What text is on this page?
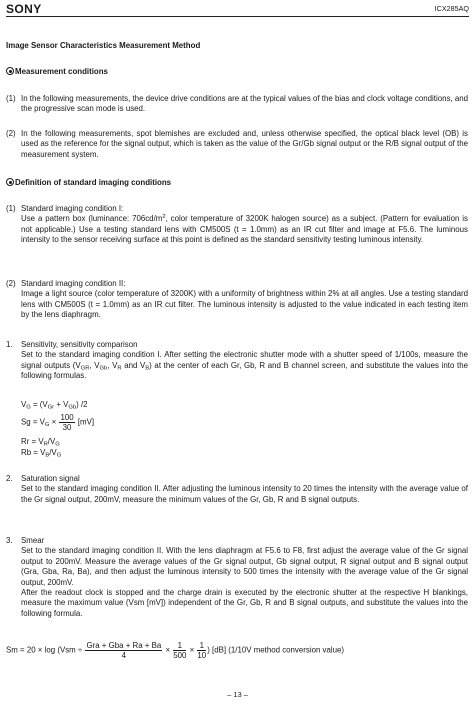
SONY	ICX285AQ

Image Sensor Characteristics Measurement Method

Measurement conditions

(1) In the following measurements, the device drive conditions are at the typical values of the bias and clock voltage conditions, and the progressive scan mode is used.
(2) In the following measurements, spot blemishes are excluded and, unless otherwise specified, the optical black level (OB) is used as the reference for the signal output, which is taken as the value of the Gr/Gb signal output or the R/B signal output of the measurement system.

Definition of standard imaging conditions

(1) Standard imaging condition I:
Use a pattern box (luminance: $706cd/m^2$, color temperature of 3200K halogen source) as a subject. (Pattern for evaluation is not applicable.) Use a testing standard lens with CM500S (t = 1.0mm) as an IR cut filter and image at F5.6. The luminous intensity to the sensor receiving surface at this point is defined as the standard sensitivity testing luminous intensity.
(2) Standard imaging condition II:
Image a light source (color temperature of 3200K) with a uniformity of brightness within 2% at all angles. Use a testing standard lens with CM500S (t = 1.0mm) as an IR cut filter. The luminous intensity is adjusted to the value indicated in each testing item by the lens diaphragm.
1. Sensitivity, sensitivity comparison
Set to the standard imaging condition I. After setting the electronic shutter mode with a shutter speed of 1/100s, measure the signal outputs ($V_{GR}$, $V_{Gb}$, $V_R$ and $V_B$) at the center of each Gr, Gb, R and B channel screen, and substitute the values into the following formulas.

$V_G = (V_{Gr} + V_{Gb})$ /2

$Sg = V_G \times \frac{100}{30} [mV]$

$Rr = V_R/V_G$

$Rb = V_B/V_G$

2. Saturation signal
Set to the standard imaging condition II. After adjusting the luminous intensity to 20 times the intensity with the average value of the Gr signal output, 200mV, measure the minimum values of the Gr, Gb, R and B signal outputs.
3. Smear
Set to the standard imaging condition II. With the lens diaphragm at F5.6 to F8, first adjust the average value of the Gr signal output to 200mV. Measure the average values of the Gr signal output, Gb signal output, R signal output and B signal output (Gra, Gba, Ra, Ba), and then adjust the luminous intensity to 500 times the intensity with the average value of the Gr signal output, 200mV.
After the readout clock is stopped and the charge drain is executed by the electronic shutter at the respective H blankings, measure the maximum value (Vsm [mV]) independent of the Gr, Gb, R and B signal outputs, and substitute the values into the following formula.

$Sm = 20 \times \log (Vsm \div \frac{\text{Gra + Gba + Ra + Ba}}{4} \times \frac{1}{500} \times \frac{1}{10}$ ) [dB] (1/10V method conversion value)

– 13 –
